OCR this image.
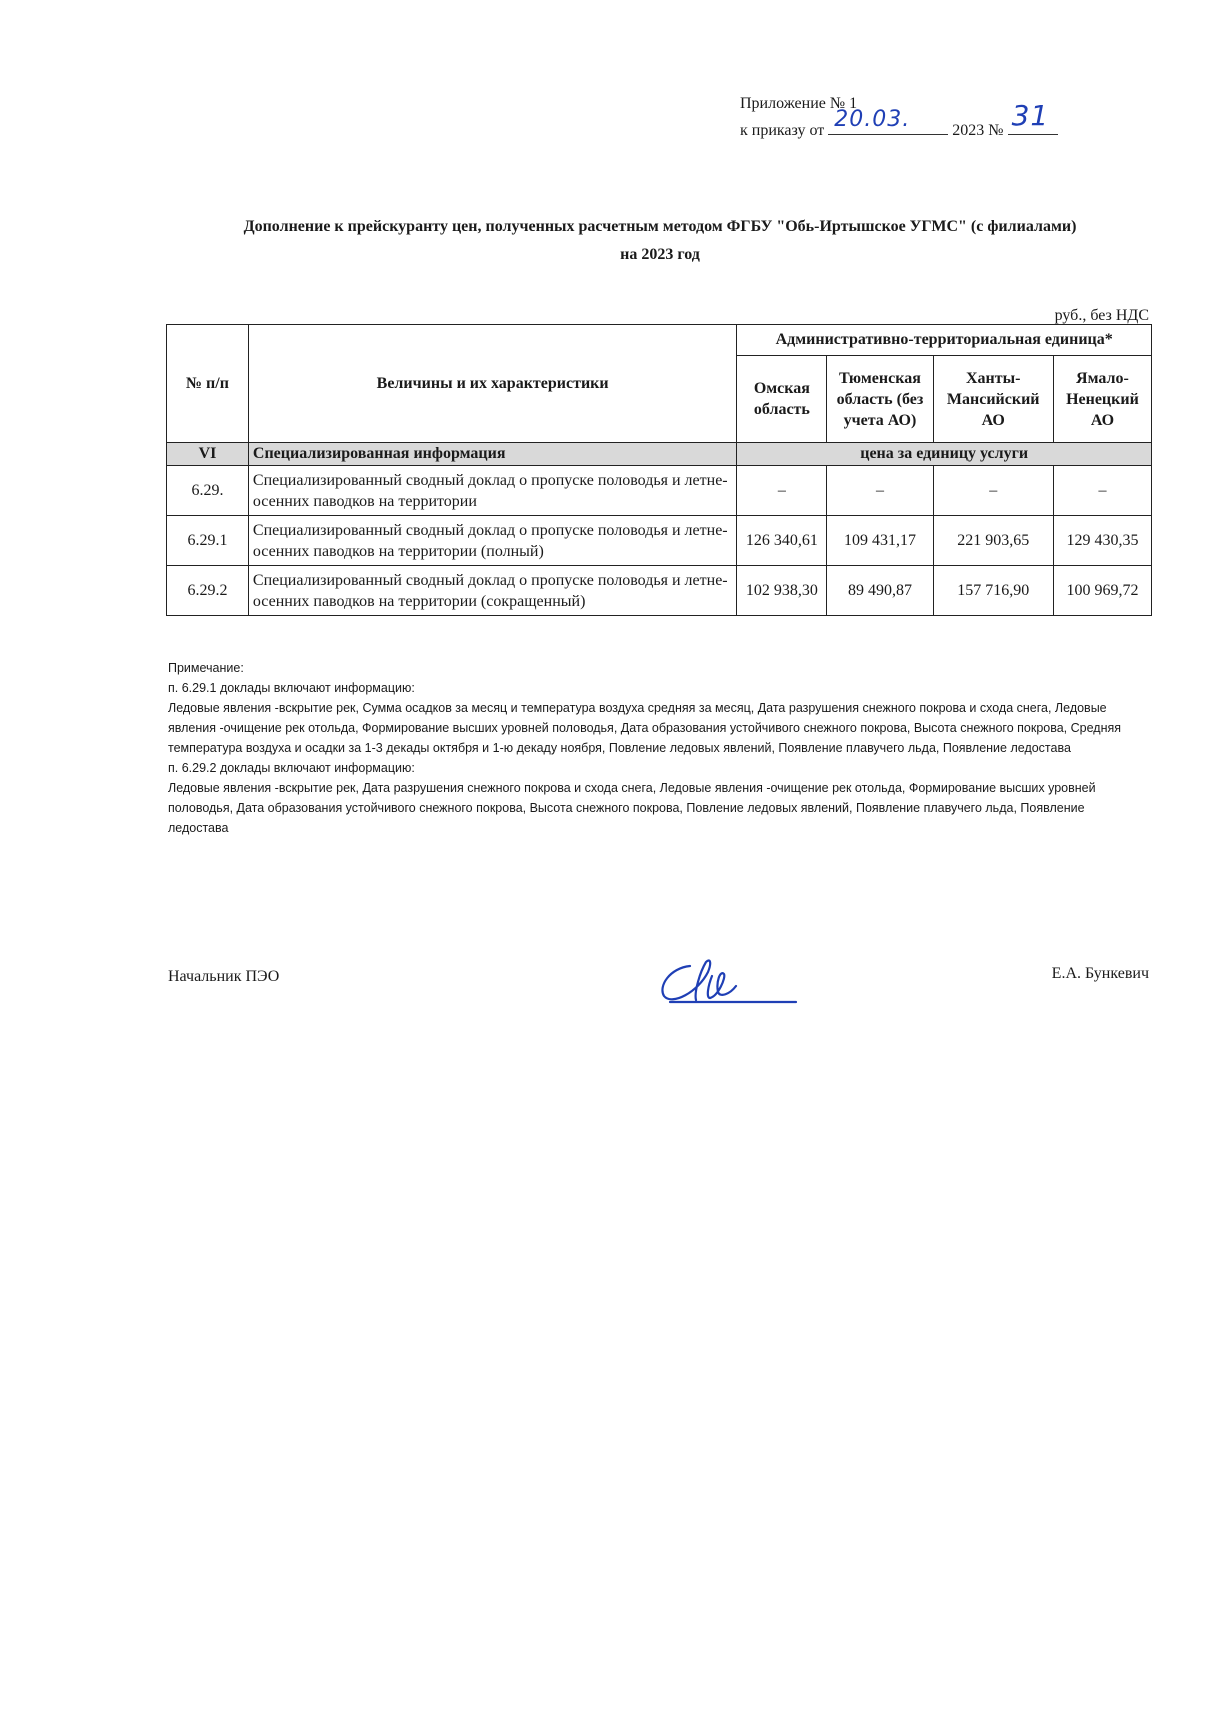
Приложение № 1
к приказу от 20.03.	2023 № 31
Дополнение к прейскуранту цен, полученных расчетным методом ФГБУ "Обь-Иртышское УГМС" (с филиалами)
на 2023 год
руб., без НДС
№ п/п	Величины и их характеристики	Административно-территориальная единица*			
		Омская область	Тюменская область (без учета АО)	Ханты-Мансийский АО	Ямало-Ненецкий АО
VI	Специализированная информация	цена за единицу услуги			
6.29.	Специализированный сводный доклад о пропуске половодья и летне-осенних паводков на территории	–	–	–	–
6.29.1	Специализированный сводный доклад о пропуске половодья и летне-осенних паводков на территории (полный)	126 340,61	109 431,17	221 903,65	129 430,35
6.29.2	Специализированный сводный доклад о пропуске половодья и летне-осенних паводков на территории (сокращенный)	102 938,30	89 490,87	157 716,90	100 969,72

Примечание:

п. 6.29.1 доклады включают информацию:

Ледовые явления -вскрытие рек, Сумма осадков за месяц и температура воздуха средняя за месяц, Дата разрушения снежного покрова и схода снега, Ледовые явления -очищение рек отольда, Формирование высших уровней половодья, Дата образования устойчивого снежного покрова, Высота снежного покрова, Средняя температура воздуха и осадки за 1-3 декады октября и 1-ю декаду ноября, Повление ледовых явлений, Появление плавучего льда, Появление ледостава

п. 6.29.2 доклады включают информацию:

Ледовые явления -вскрытие рек, Дата разрушения снежного покрова и схода снега, Ледовые явления -очищение рек отольда, Формирование высших уровней половодья, Дата образования устойчивого снежного покрова, Высота снежного покрова, Повление ледовых явлений, Появление плавучего льда, Появление ледостава

Начальник ПЭО	Е.А. Бункевич
